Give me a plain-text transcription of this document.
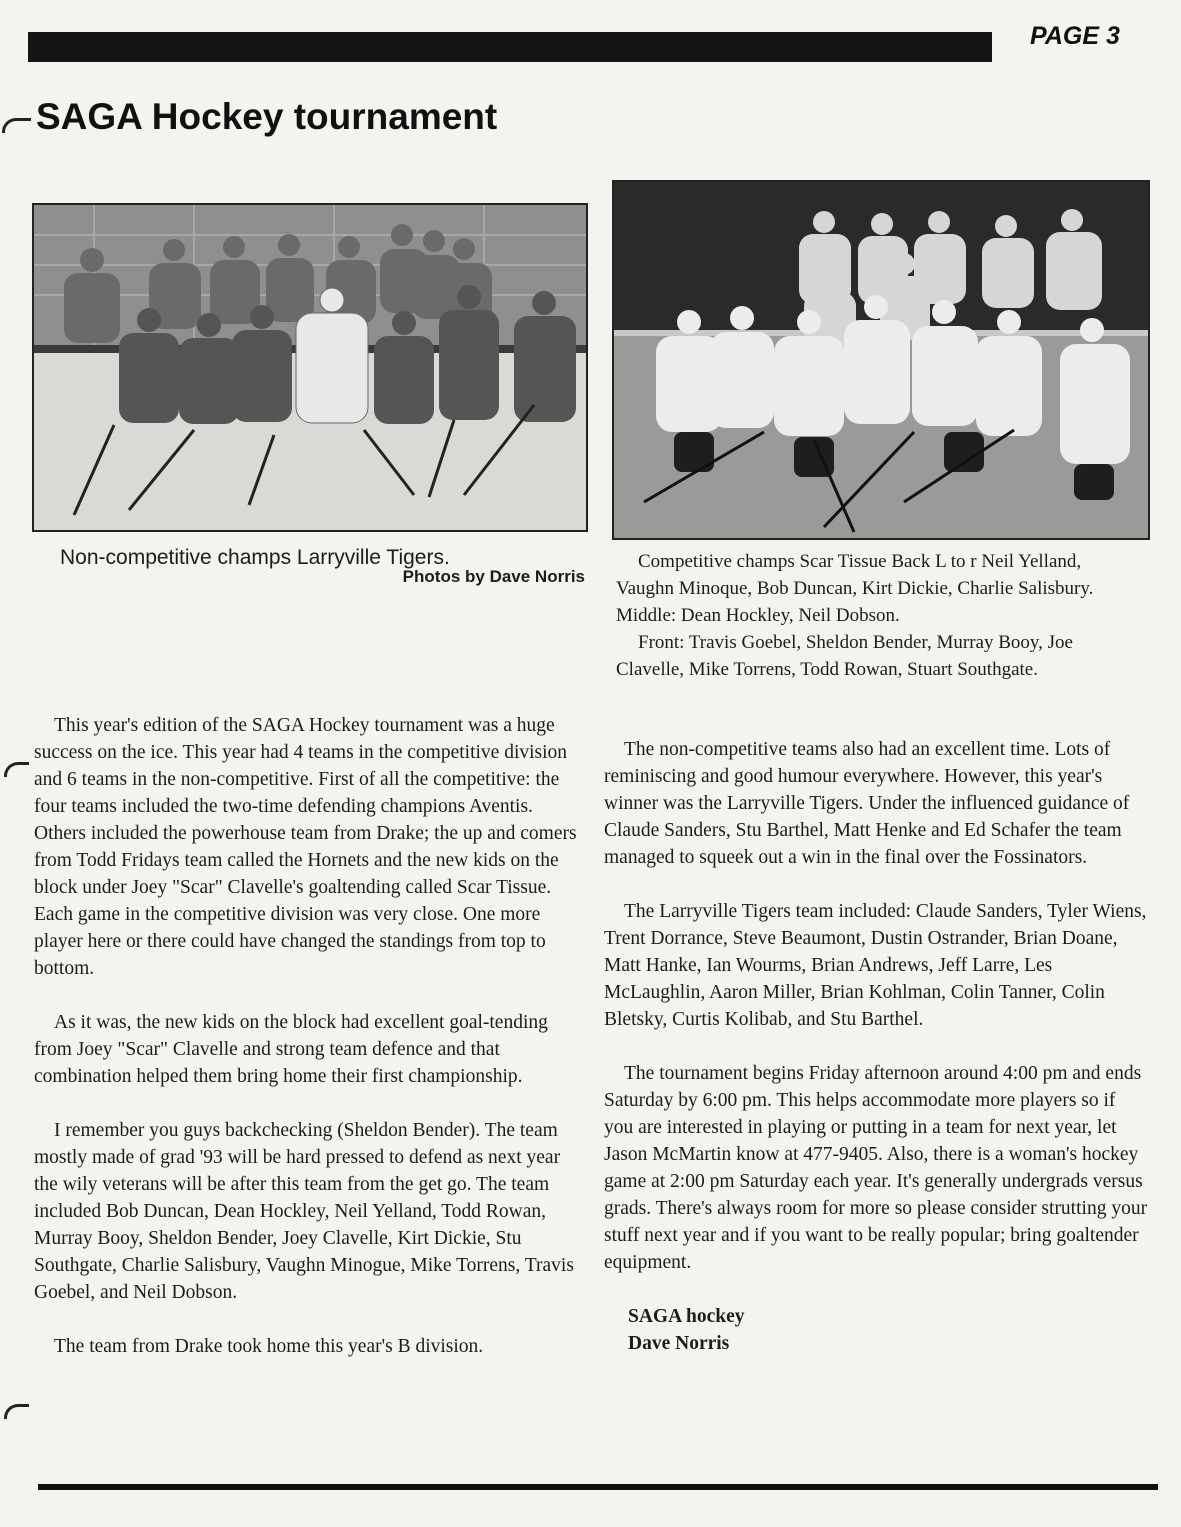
PAGE 3
SAGA Hockey tournament
Non-competitive champs Larryville Tigers.
Photos by Dave Norris

Competitive champs Scar Tissue Back L to r Neil Yelland, Vaughn Minoque, Bob Duncan, Kirt Dickie, Charlie Salisbury. Middle: Dean Hockley, Neil Dobson.

Front: Travis Goebel, Sheldon Bender, Murray Booy, Joe Clavelle, Mike Torrens, Todd Rowan, Stuart Southgate.

This year's edition of the SAGA Hockey tournament was a huge success on the ice. This year had 4 teams in the competitive division and 6 teams in the non-competitive. First of all the competitive: the four teams included the two-time defending champions Aventis. Others included the powerhouse team from Drake; the up and comers from Todd Fridays team called the Hornets and the new kids on the block under Joey "Scar" Clavelle's goaltending called Scar Tissue. Each game in the competitive division was very close. One more player here or there could have changed the standings from top to bottom.

As it was, the new kids on the block had excellent goal-tending from Joey "Scar" Clavelle and strong team defence and that combination helped them bring home their first championship.

I remember you guys backchecking (Sheldon Bender). The team mostly made of grad '93 will be hard pressed to defend as next year the wily veterans will be after this team from the get go. The team included Bob Duncan, Dean Hockley, Neil Yelland, Todd Rowan, Murray Booy, Sheldon Bender, Joey Clavelle, Kirt Dickie, Stu Southgate, Charlie Salisbury, Vaughn Minogue, Mike Torrens, Travis Goebel, and Neil Dobson.

The team from Drake took home this year's B division.

The non-competitive teams also had an excellent time. Lots of reminiscing and good humour everywhere. However, this year's winner was the Larryville Tigers. Under the influenced guidance of Claude Sanders, Stu Barthel, Matt Henke and Ed Schafer the team managed to squeek out a win in the final over the Fossinators.

The Larryville Tigers team included: Claude Sanders, Tyler Wiens, Trent Dorrance, Steve Beaumont, Dustin Ostrander, Brian Doane, Matt Hanke, Ian Wourms, Brian Andrews, Jeff Larre, Les McLaughlin, Aaron Miller, Brian Kohlman, Colin Tanner, Colin Bletsky, Curtis Kolibab, and Stu Barthel.

The tournament begins Friday afternoon around 4:00 pm and ends Saturday by 6:00 pm. This helps accommodate more players so if you are interested in playing or putting in a team for next year, let Jason McMartin know at 477-9405. Also, there is a woman's hockey game at 2:00 pm Saturday each year. It's generally undergrads versus grads. There's always room for more so please consider strutting your stuff next year and if you want to be really popular; bring goaltender equipment.

SAGA hockey

Dave Norris
